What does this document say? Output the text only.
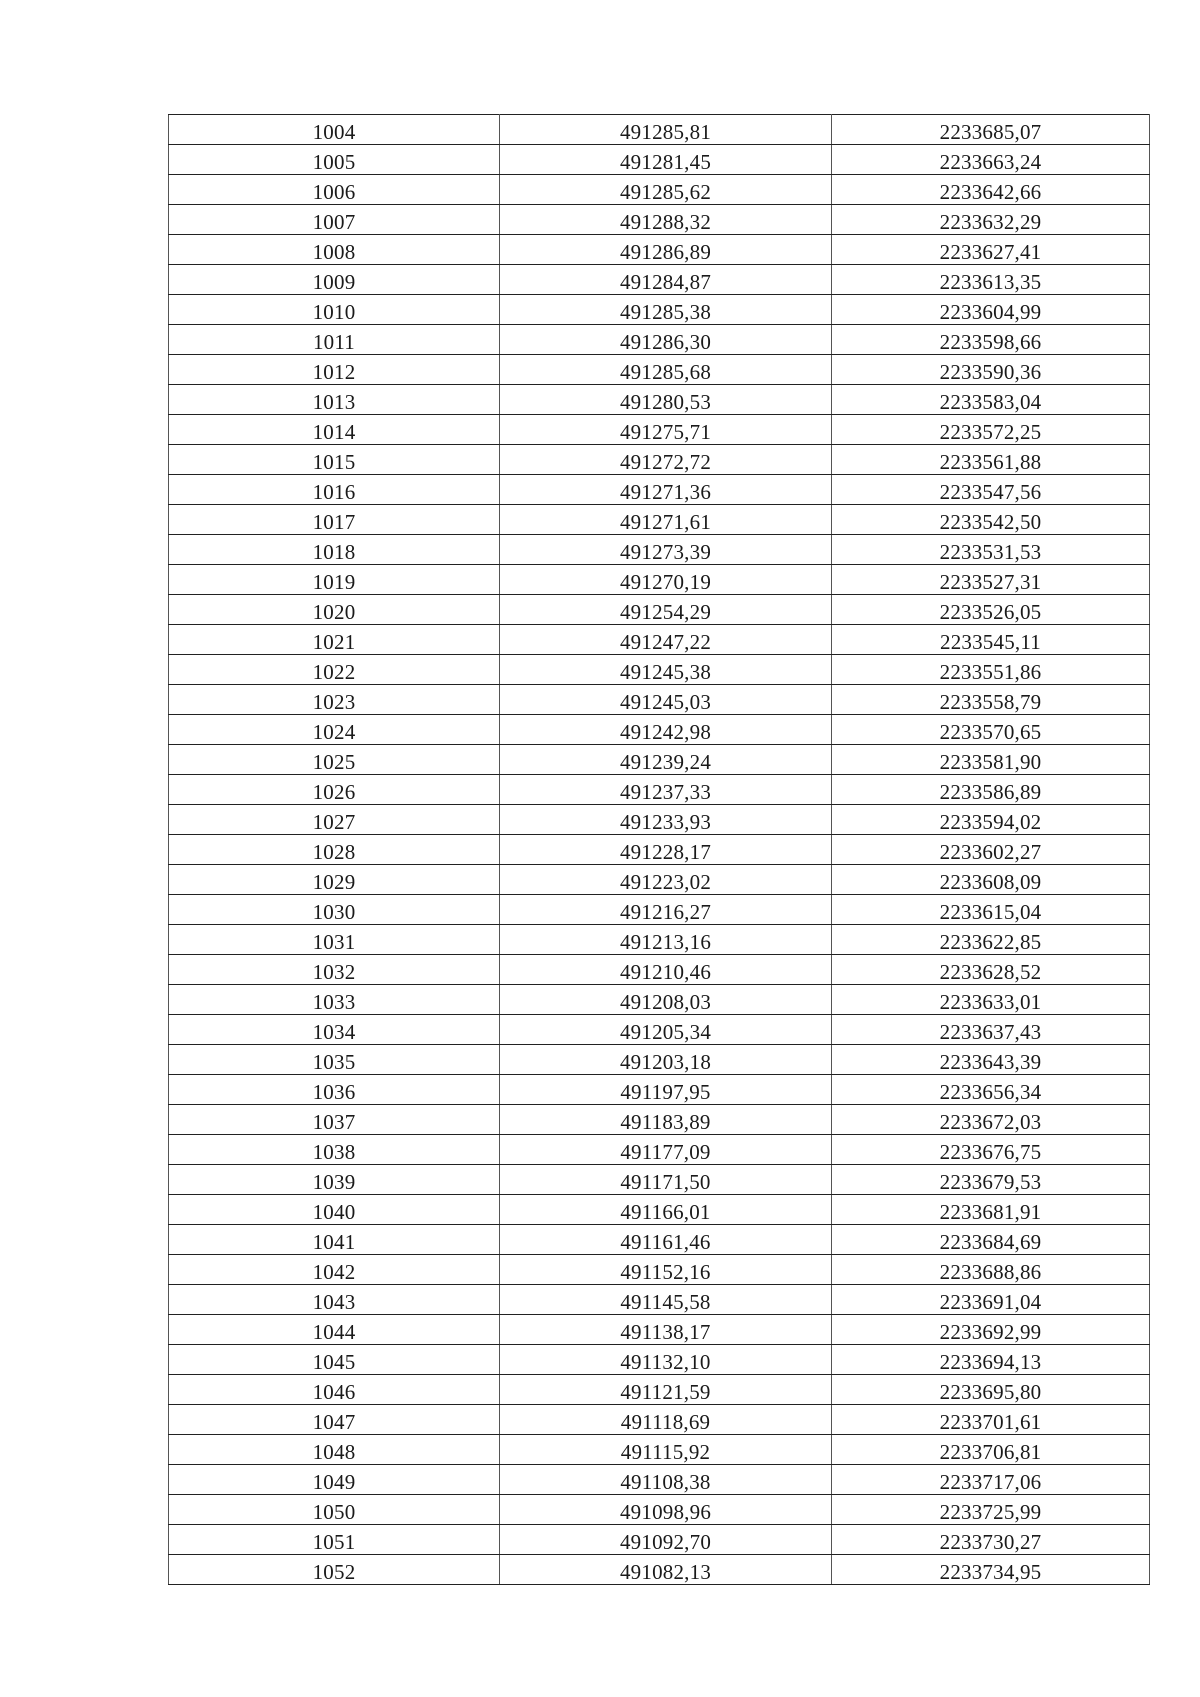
1004	491285,81	2233685,07
1005	491281,45	2233663,24
1006	491285,62	2233642,66
1007	491288,32	2233632,29
1008	491286,89	2233627,41
1009	491284,87	2233613,35
1010	491285,38	2233604,99
1011	491286,30	2233598,66
1012	491285,68	2233590,36
1013	491280,53	2233583,04
1014	491275,71	2233572,25
1015	491272,72	2233561,88
1016	491271,36	2233547,56
1017	491271,61	2233542,50
1018	491273,39	2233531,53
1019	491270,19	2233527,31
1020	491254,29	2233526,05
1021	491247,22	2233545,11
1022	491245,38	2233551,86
1023	491245,03	2233558,79
1024	491242,98	2233570,65
1025	491239,24	2233581,90
1026	491237,33	2233586,89
1027	491233,93	2233594,02
1028	491228,17	2233602,27
1029	491223,02	2233608,09
1030	491216,27	2233615,04
1031	491213,16	2233622,85
1032	491210,46	2233628,52
1033	491208,03	2233633,01
1034	491205,34	2233637,43
1035	491203,18	2233643,39
1036	491197,95	2233656,34
1037	491183,89	2233672,03
1038	491177,09	2233676,75
1039	491171,50	2233679,53
1040	491166,01	2233681,91
1041	491161,46	2233684,69
1042	491152,16	2233688,86
1043	491145,58	2233691,04
1044	491138,17	2233692,99
1045	491132,10	2233694,13
1046	491121,59	2233695,80
1047	491118,69	2233701,61
1048	491115,92	2233706,81
1049	491108,38	2233717,06
1050	491098,96	2233725,99
1051	491092,70	2233730,27
1052	491082,13	2233734,95
